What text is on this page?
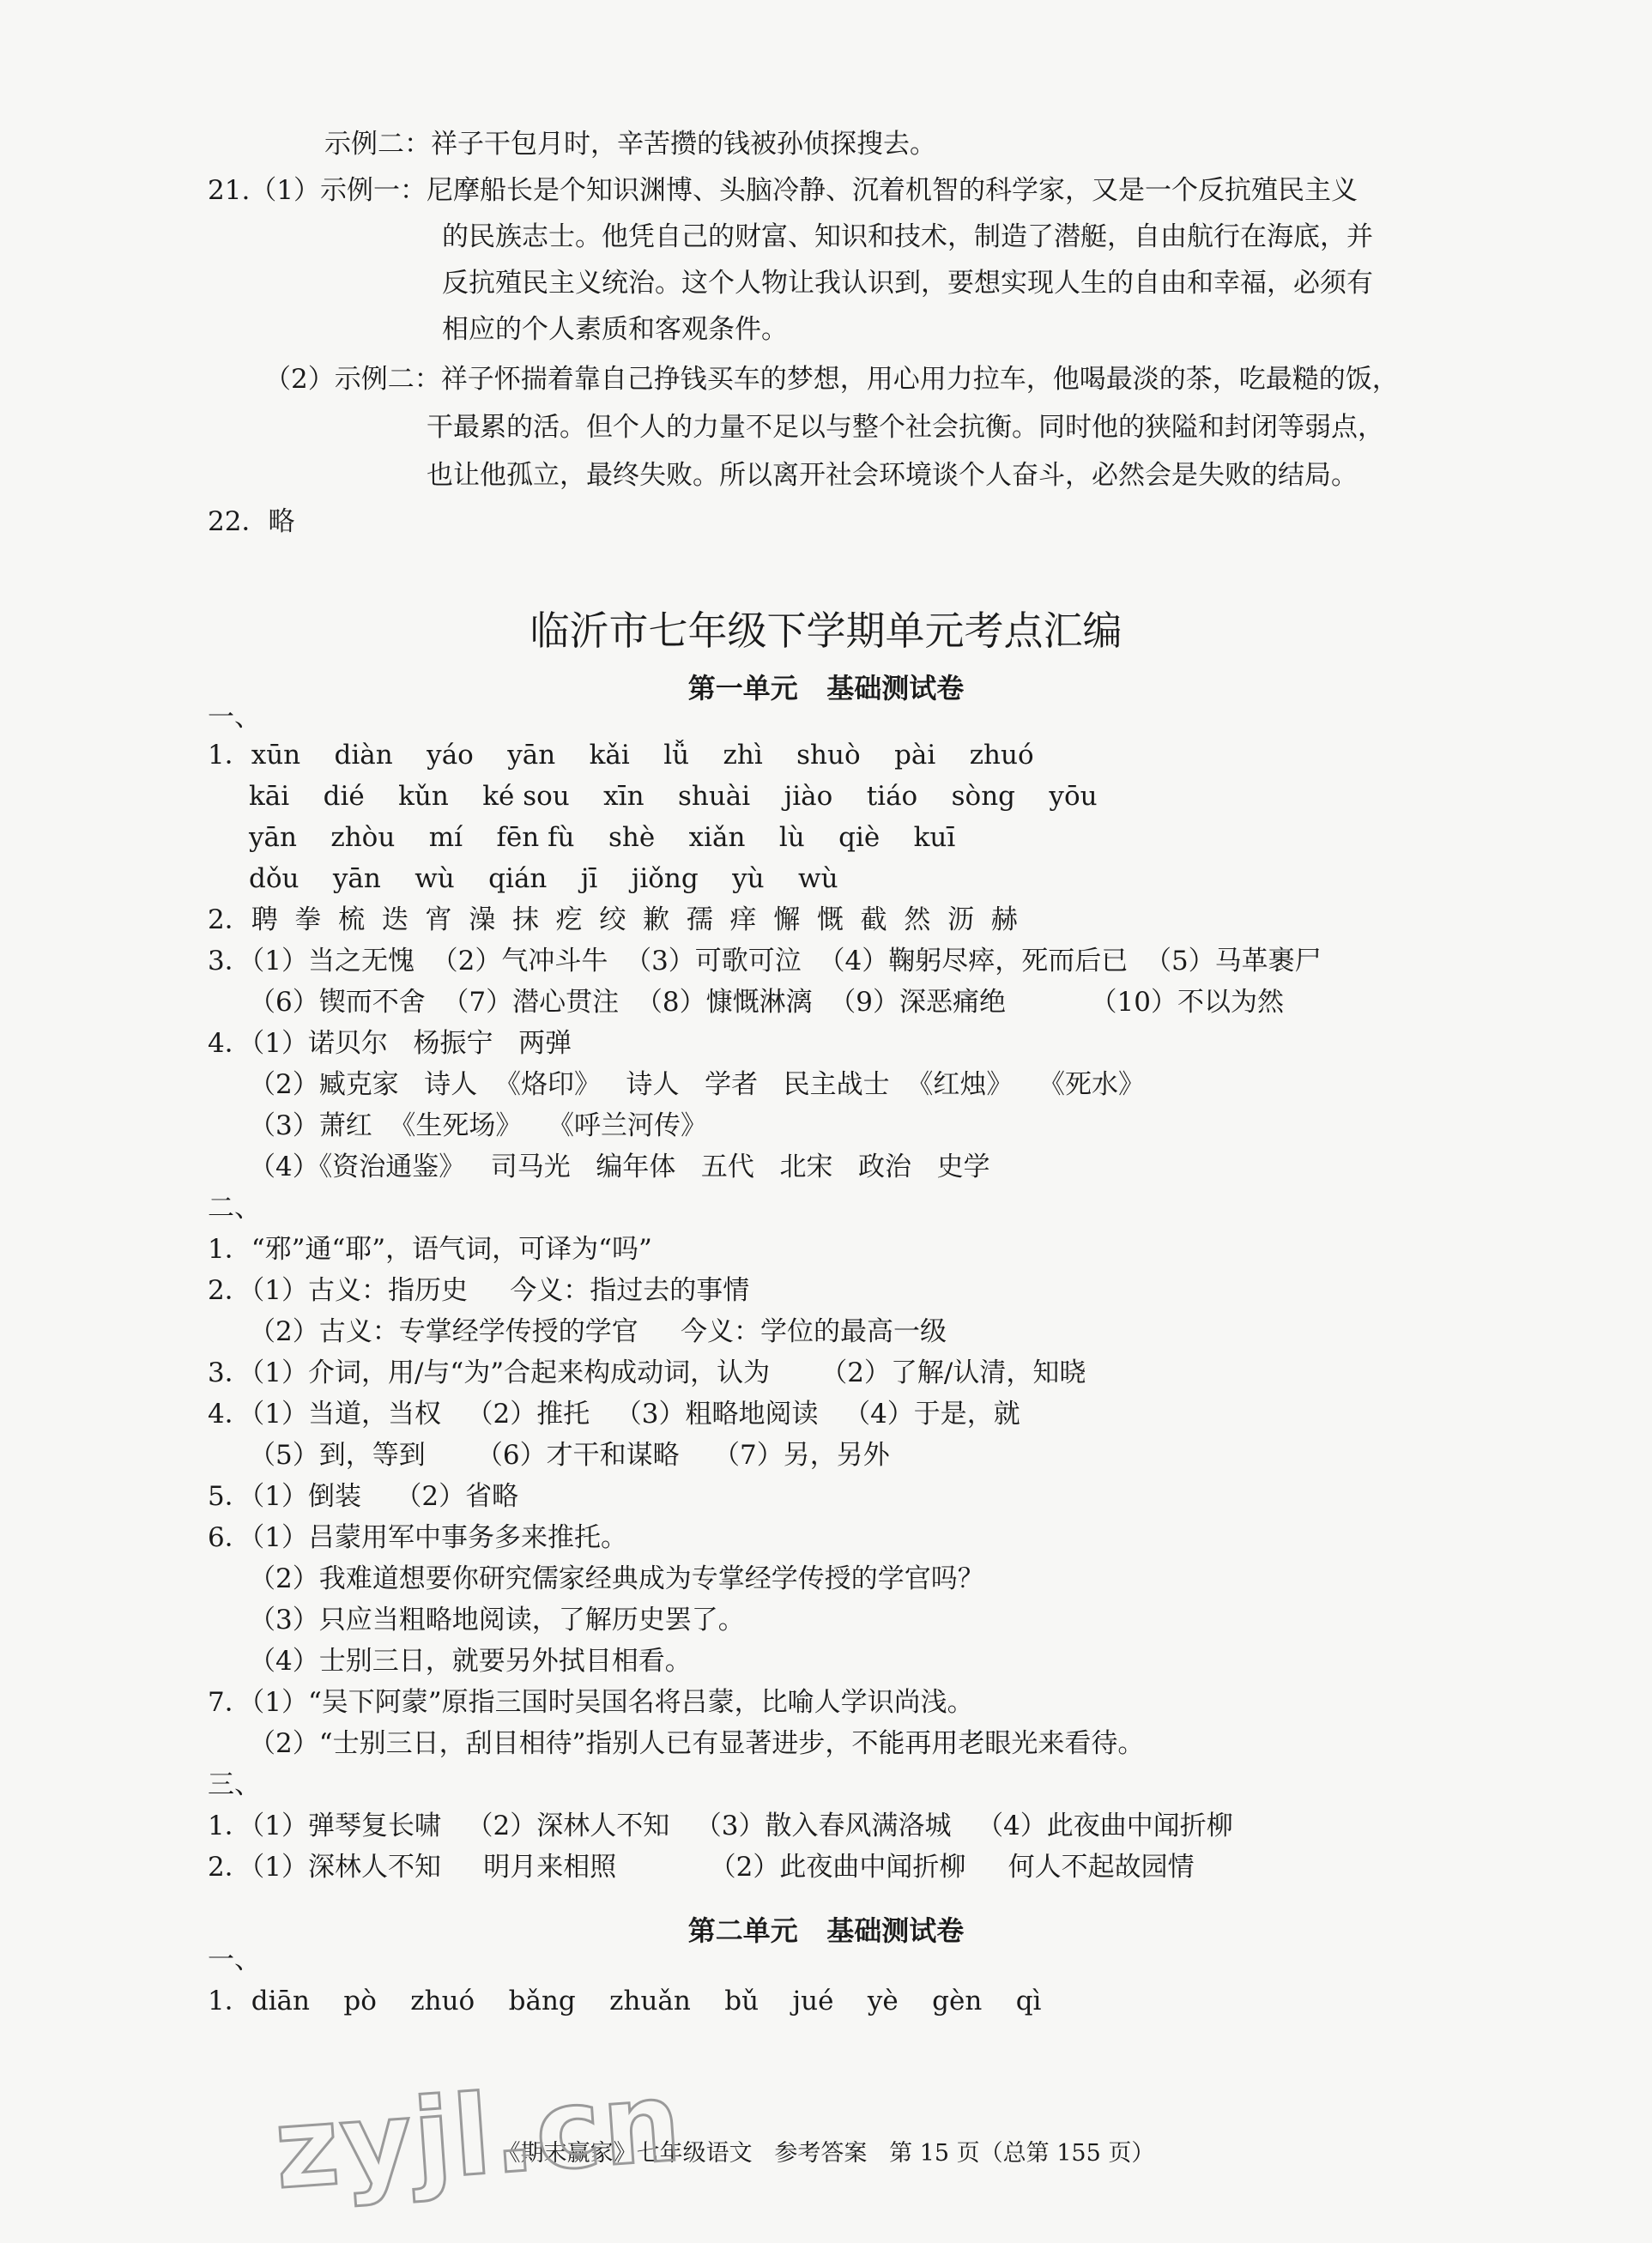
示例二：祥子干包月时，辛苦攒的钱被孙侦探搜去。
21.（1）示例一：尼摩船长是个知识渊博、头脑冷静、沉着机智的科学家，又是一个反抗殖民主义
的民族志士。他凭自己的财富、知识和技术，制造了潜艇，自由航行在海底，并
反抗殖民主义统治。这个人物让我认识到，要想实现人生的自由和幸福，必须有
相应的个人素质和客观条件。
（2）示例二：祥子怀揣着靠自己挣钱买车的梦想，用心用力拉车，他喝最淡的茶，吃最糙的饭，
干最累的活。但个人的力量不足以与整个社会抗衡。同时他的狭隘和封闭等弱点，
也让他孤立，最终失败。所以离开社会环境谈个人奋斗，必然会是失败的结局。
22．略
一、
1．xūn    diàn    yáo    yān    kǎi    lǚ    zhì    shuò    pài    zhuó
kāi    dié    kǔn    ké sou    xīn    shuài    jiào    tiáo    sòng    yōu
yān    zhòu    mí    fēn fù    shè    xiǎn    lù    qiè    kuī
dǒu    yān    wù    qián    jī    jiǒng    yù    wù
2．聘  拳  梳  迭  宵  澡  抹  疙  绞  歉  孺  痒  懈  慨  截  然  沥  赫
3．（1）当之无愧  （2）气冲斗牛  （3）可歌可泣  （4）鞠躬尽瘁，死而后已  （5）马革裹尸
（6）锲而不舍  （7）潜心贯注  （8）慷慨淋漓  （9）深恶痛绝          （10）不以为然
4．（1）诺贝尔   杨振宁   两弹
（2）臧克家   诗人  《烙印》   诗人   学者   民主战士  《红烛》   《死水》
（3）萧红  《生死场》   《呼兰河传》
（4）《资治通鉴》   司马光   编年体   五代   北宋   政治   史学
二、
1．“邪”通“耶”，语气词，可译为“吗”
2．（1）古义：指历史     今义：指过去的事情
（2）古义：专掌经学传授的学官     今义：学位的最高一级
3．（1）介词，用/与“为”合起来构成动词，认为      （2）了解/认清，知晓
4．（1）当道，当权   （2）推托   （3）粗略地阅读   （4）于是，就
（5）到，等到      （6）才干和谋略    （7）另，另外
5．（1）倒装    （2）省略
6．（1）吕蒙用军中事务多来推托。
（2）我难道想要你研究儒家经典成为专掌经学传授的学官吗？
（3）只应当粗略地阅读，了解历史罢了。
（4）士别三日，就要另外拭目相看。
7．（1）“吴下阿蒙”原指三国时吴国名将吕蒙，比喻人学识尚浅。
（2）“士别三日，刮目相待”指别人已有显著进步，不能再用老眼光来看待。
三、
1．（1）弹琴复长啸   （2）深林人不知   （3）散入春风满洛城   （4）此夜曲中闻折柳
2．（1）深林人不知     明月来相照           （2）此夜曲中闻折柳     何人不起故园情
一、
1．diān    pò    zhuó    bǎng    zhuǎn    bǔ    jué    yè    gèn    qì
临沂市七年级下学期单元考点汇编
第一单元   基础测试卷
第二单元   基础测试卷
《期末赢家》七年级语文   参考答案   第 15 页（总第 155 页）
zyjl.cn
